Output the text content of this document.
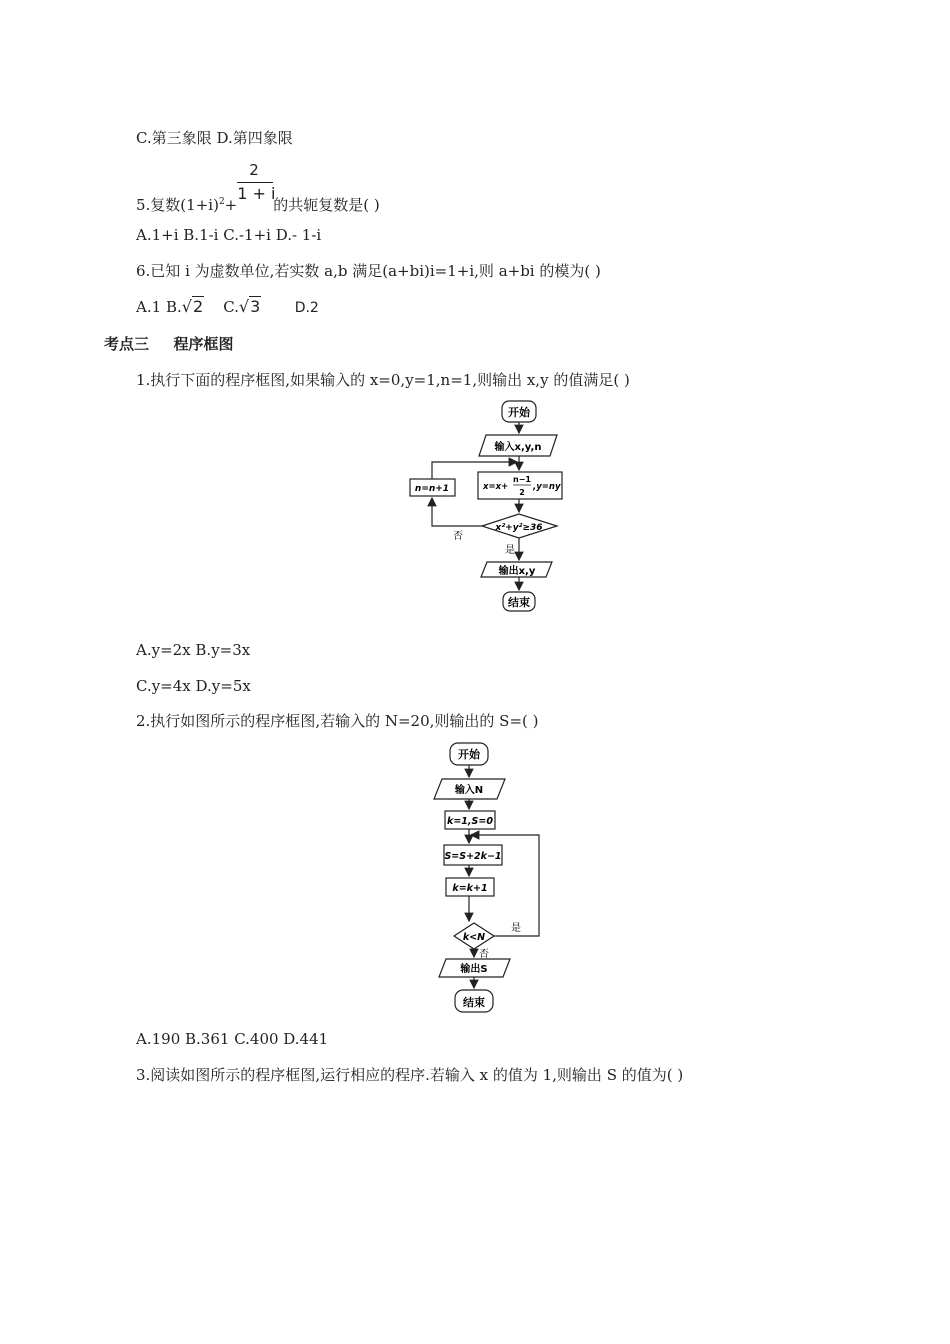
C.第三象限 D.第四象限
5.复数$(1+i)^2+ \frac{2}{1 + i}$ 的共轭复数是( )
A.1+i B.1-i C.-1+i D.- 1-i
6.已知 i 为虚数单位,若实数 a,b 满足(a+bi)i=1+i,则 a+bi 的模为( )
A.1 B.√2 C.√3 D.2
考点三 程序框图
1.执行下面的程序框图,如果输入的 x=0,y=1,n=1,则输出 x,y 的值满足( )
开始
输入x,y,n
x=x+
n−1
2
,y=ny
n=n+1
x²+y²≥36
否
是
输出x,y
结束
A.y=2x B.y=3x
C.y=4x D.y=5x
2.执行如图所示的程序框图,若输入的 N=20,则输出的 S=( )
开始
输入N
k=1,S=0
S=S+2k−1
k=k+1
k<N
是
否
输出S
结束
A.190 B.361 C.400 D.441
3.阅读如图所示的程序框图,运行相应的程序.若输入 x 的值为 1,则输出 S 的值为( )
